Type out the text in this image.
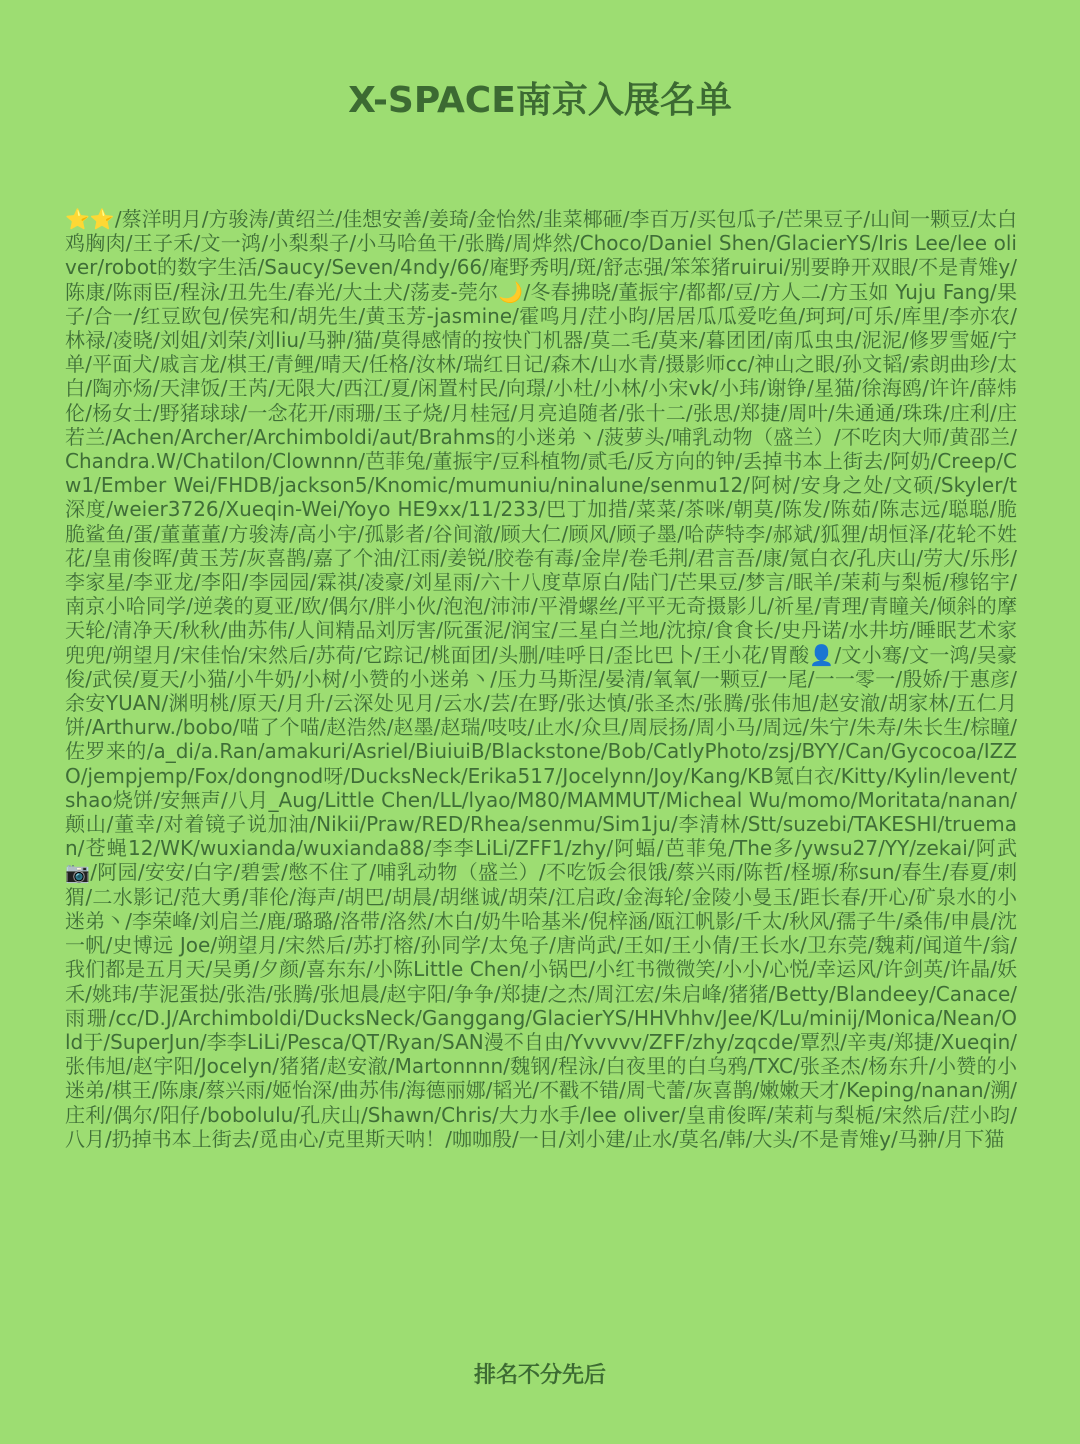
X-SPACE南京入展名单

⭐⭐/蔡洋明月/方骏涛/黄绍兰/佳想安善/姜琦/金怡然/韭菜椰砸/李百万/买包瓜子/芒果豆子/山间一颗豆/太白鸡胸肉/王子禾/文一鸿/小梨梨子/小马哈鱼干/张腾/周烨然/Choco/Daniel Shen/GlacierYS/Iris Lee/lee oliver/robot的数字生活/Saucy/Seven/4ndy/66/庵野秀明/斑/舒志强/笨笨猪ruirui/别要睁开双眼/不是青雉y/陈康/陈雨臣/程泳/丑先生/春光/大土犬/荡麦-莞尔🌙/冬春拂晓/董振宇/都都/豆/方人二/方玉如 Yuju Fang/果子/合一/红豆欧包/侯宪和/胡先生/黄玉芳-jasmine/霍鸣月/茳小昀/居居瓜瓜爱吃鱼/珂珂/可乐/库里/李亦农/林禄/凌晓/刘姐/刘荣/刘liu/马翀/猫/莫得感情的按快门机器/莫二毛/莫来/暮团团/南瓜虫虫/泥泥/修罗雪姬/宁单/平面犬/戚言龙/棋王/青鲤/晴天/任格/汝林/瑞红日记/森木/山水青/摄影师cc/神山之眼/孙文韬/索朗曲珍/太白/陶亦炀/天津饭/王芮/无限大/西江/夏/闲置村民/向璟/小杜/小林/小宋vk/小玮/谢铮/星猫/徐海鸥/许许/薛炜伦/杨女士/野猪球球/一念花开/雨珊/玉子烧/月桂冠/月亮追随者/张十二/张思/郑捷/周叶/朱通通/珠珠/庄利/庄若兰/Achen/Archer/Archimboldi/aut/Brahms的小迷弟丶/菠萝头/哺乳动物（盛兰）/不吃肉大师/黄邵兰/Chandra.W/Chatilon/Clownnn/芭菲兔/董振宇/豆科植物/贰毛/反方向的钟/丢掉书本上街去/阿奶/Creep/Cw1/Ember Wei/FHDB/jackson5/Knomic/mumuniu/ninalune/senmu12/阿树/安身之处/文硕/Skyler/t深度/weier3726/Xueqin-Wei/Yoyo HE9xx/11/233/巴丁加措/菜菜/茶咪/朝莫/陈发/陈茹/陈志远/聪聪/脆脆鲨鱼/蛋/董董董/方骏涛/高小宇/孤影者/谷间澈/顾大仁/顾风/顾子墨/哈萨特李/郝斌/狐狸/胡恒泽/花轮不姓花/皇甫俊晖/黄玉芳/灰喜鹊/嘉了个油/江雨/姜锐/胶卷有毒/金岸/卷毛荆/君言吾/康/氪白衣/孔庆山/劳大/乐彤/李家星/李亚龙/李阳/李园园/霖祺/凌豪/刘星雨/六十八度草原白/陆门/芒果豆/梦言/眠羊/茉莉与梨栀/穆铭宇/南京小哈同学/逆袭的夏亚/欧/偶尔/胖小伙/泡泡/沛沛/平滑螺丝/平平无奇摄影儿/祈星/青理/青瞳关/倾斜的摩天轮/清净天/秋秋/曲苏伟/人间精品刘厉害/阮蛋泥/润宝/三星白兰地/沈掠/食食长/史丹诺/水井坊/睡眠艺术家兜兜/朔望月/宋佳怡/宋然后/苏荷/它踪记/桃面团/头删/哇呼日/歪比巴卜/王小花/胃酸👤/文小骞/文一鸿/吴豪俊/武侯/夏天/小猫/小牛奶/小树/小赞的小迷弟丶/压力马斯涅/晏清/氧氧/一颗豆/一尾/一一零一/殷娇/于惠彦/余安YUAN/渊明桃/原天/月升/云深处见月/云水/芸/在野/张达慎/张圣杰/张腾/张伟旭/赵安澈/胡家林/五仁月饼/Arthurw./bobo/喵了个喵/赵浩然/赵墨/赵瑞/吱吱/止水/众旦/周辰扬/周小马/周远/朱宁/朱寿/朱长生/棕瞳/佐罗来的/a_di/a.Ran/amakuri/Asriel/BiuiuiB/Blackstone/Bob/CatlyPhoto/zsj/BYY/Can/Gycocoa/IZZO/jempjemp/Fox/dongnod呀/DucksNeck/Erika517/Jocelynn/Joy/Kang/KB氪白衣/Kitty/Kylin/levent/shao烧饼/安無声/八月_Aug/Little Chen/LL/lyao/M80/MAMMUT/Micheal Wu/momo/Moritata/nanan/颠山/董幸/对着镜子说加油/Nikii/Praw/RED/Rhea/senmu/Sim1ju/李清林/Stt/suzebi/TAKESHI/trueman/苍蝇12/WK/wuxianda/wuxianda88/李李LiLi/ZFF1/zhy/阿蝠/芭菲兔/The多/ywsu27/YY/zekai/阿武📷/阿园/安安/白字/碧雲/憋不住了/哺乳动物（盛兰）/不吃饭会很饿/蔡兴雨/陈哲/柽塬/称sun/春生/春夏/刺猬/二水影记/范大勇/菲伦/海声/胡巴/胡晨/胡继诚/胡荣/江启政/金海轮/金陵小曼玉/距长春/开心/矿泉水的小迷弟丶/李荣峰/刘启兰/鹿/璐璐/洛带/洛然/木白/奶牛哈基米/倪梓涵/瓯江帆影/千太/秋风/孺子牛/桑伟/申晨/沈一帆/史博远 Joe/朔望月/宋然后/苏打榕/孙同学/太兔子/唐尚武/王如/王小倩/王长水/卫东莞/魏莉/闻道牛/翁/我们都是五月天/吴勇/夕颜/喜东东/小陈Little Chen/小锅巴/小红书微微笑/小小/心悦/幸运风/许剑英/许晶/妖禾/姚玮/芋泥蛋挞/张浩/张腾/张旭晨/赵宇阳/争争/郑捷/之杰/周江宏/朱启峰/猪猪/Betty/Blandeey/Canace/雨珊/cc/D.J/Archimboldi/DucksNeck/Ganggang/GlacierYS/HHVhhv/Jee/K/Lu/minij/Monica/Nean/Old于/SuperJun/李李LiLi/Pesca/QT/Ryan/SAN漫不自由/Yvvvvv/ZFF/zhy/zqcde/覃烈/辛夷/郑捷/Xueqin/张伟旭/赵宇阳/Jocelyn/猪猪/赵安澈/Martonnnn/魏钢/程泳/白夜里的白乌鸦/TXC/张圣杰/杨东升/小赞的小迷弟/棋王/陈康/蔡兴雨/姬怡深/曲苏伟/海德丽娜/韬光/不戳不错/周弋蕾/灰喜鹊/嫩嫩天才/Keping/nanan/溯/庄利/偶尔/阳仔/bobolulu/孔庆山/Shawn/Chris/大力水手/lee oliver/皇甫俊晖/茉莉与梨栀/宋然后/茳小昀/八月/扔掉书本上街去/觅由心/克里斯天呐！/咖咖殷/一日/刘小建/止水/莫名/韩/大头/不是青雉y/马翀/月下猫

排名不分先后
